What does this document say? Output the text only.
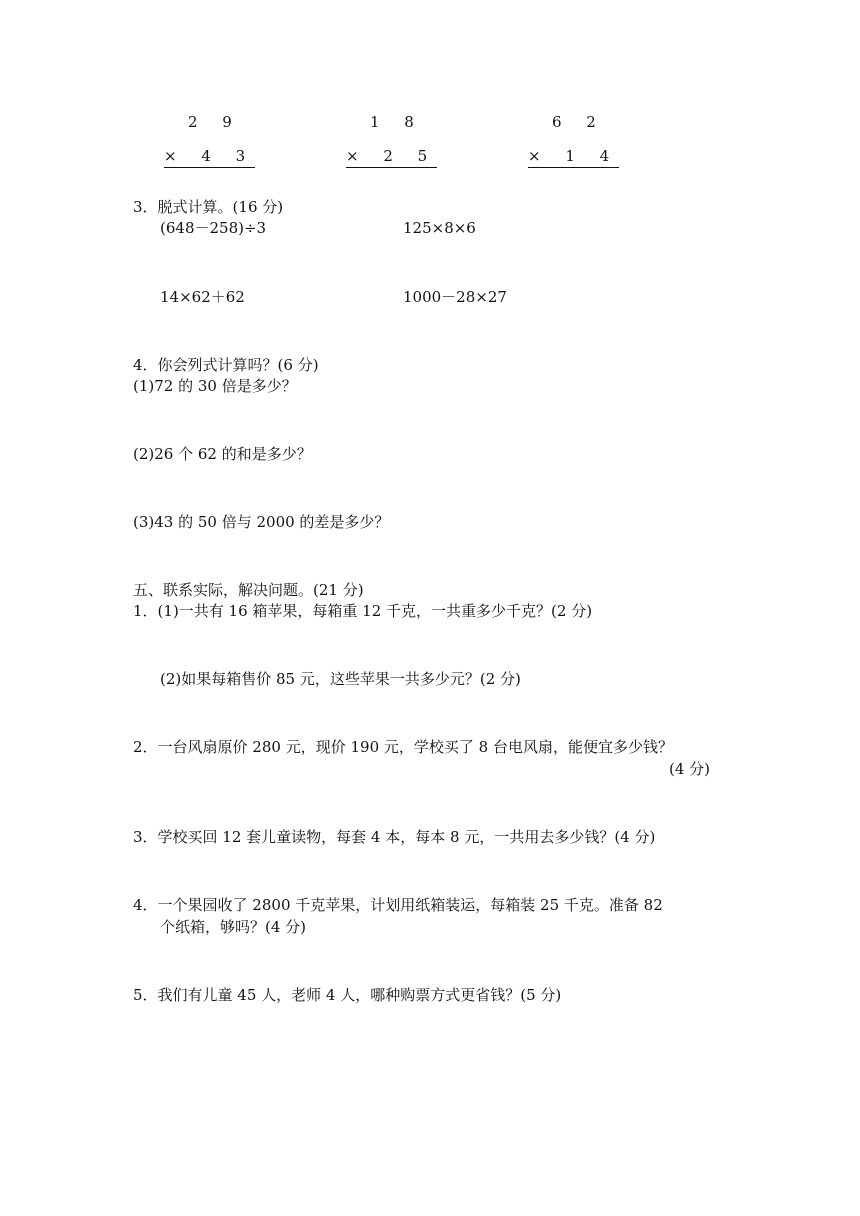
2 9
× 4 3
1 8
× 2 5
6 2
× 1 4
3．脱式计算。(16 分)
(648－258)÷3	125×8×6
14×62＋62	1000－28×27
4．你会列式计算吗？(6 分)
(1)72 的 30 倍是多少？
(2)26 个 62 的和是多少？
(3)43 的 50 倍与 2000 的差是多少？
五、联系实际，解决问题。(21 分)
1．(1)一共有 16 箱苹果，每箱重 12 千克，一共重多少千克？(2 分)
(2)如果每箱售价 85 元，这些苹果一共多少元？(2 分)
2．一台风扇原价 280 元，现价 190 元，学校买了 8 台电风扇，能便宜多少钱？
(4 分)
3．学校买回 12 套儿童读物，每套 4 本，每本 8 元，一共用去多少钱？(4 分)
4．一个果园收了 2800 千克苹果，计划用纸箱装运，每箱装 25 千克。准备 82
个纸箱，够吗？(4 分)
5．我们有儿童 45 人，老师 4 人，哪种购票方式更省钱？(5 分)
